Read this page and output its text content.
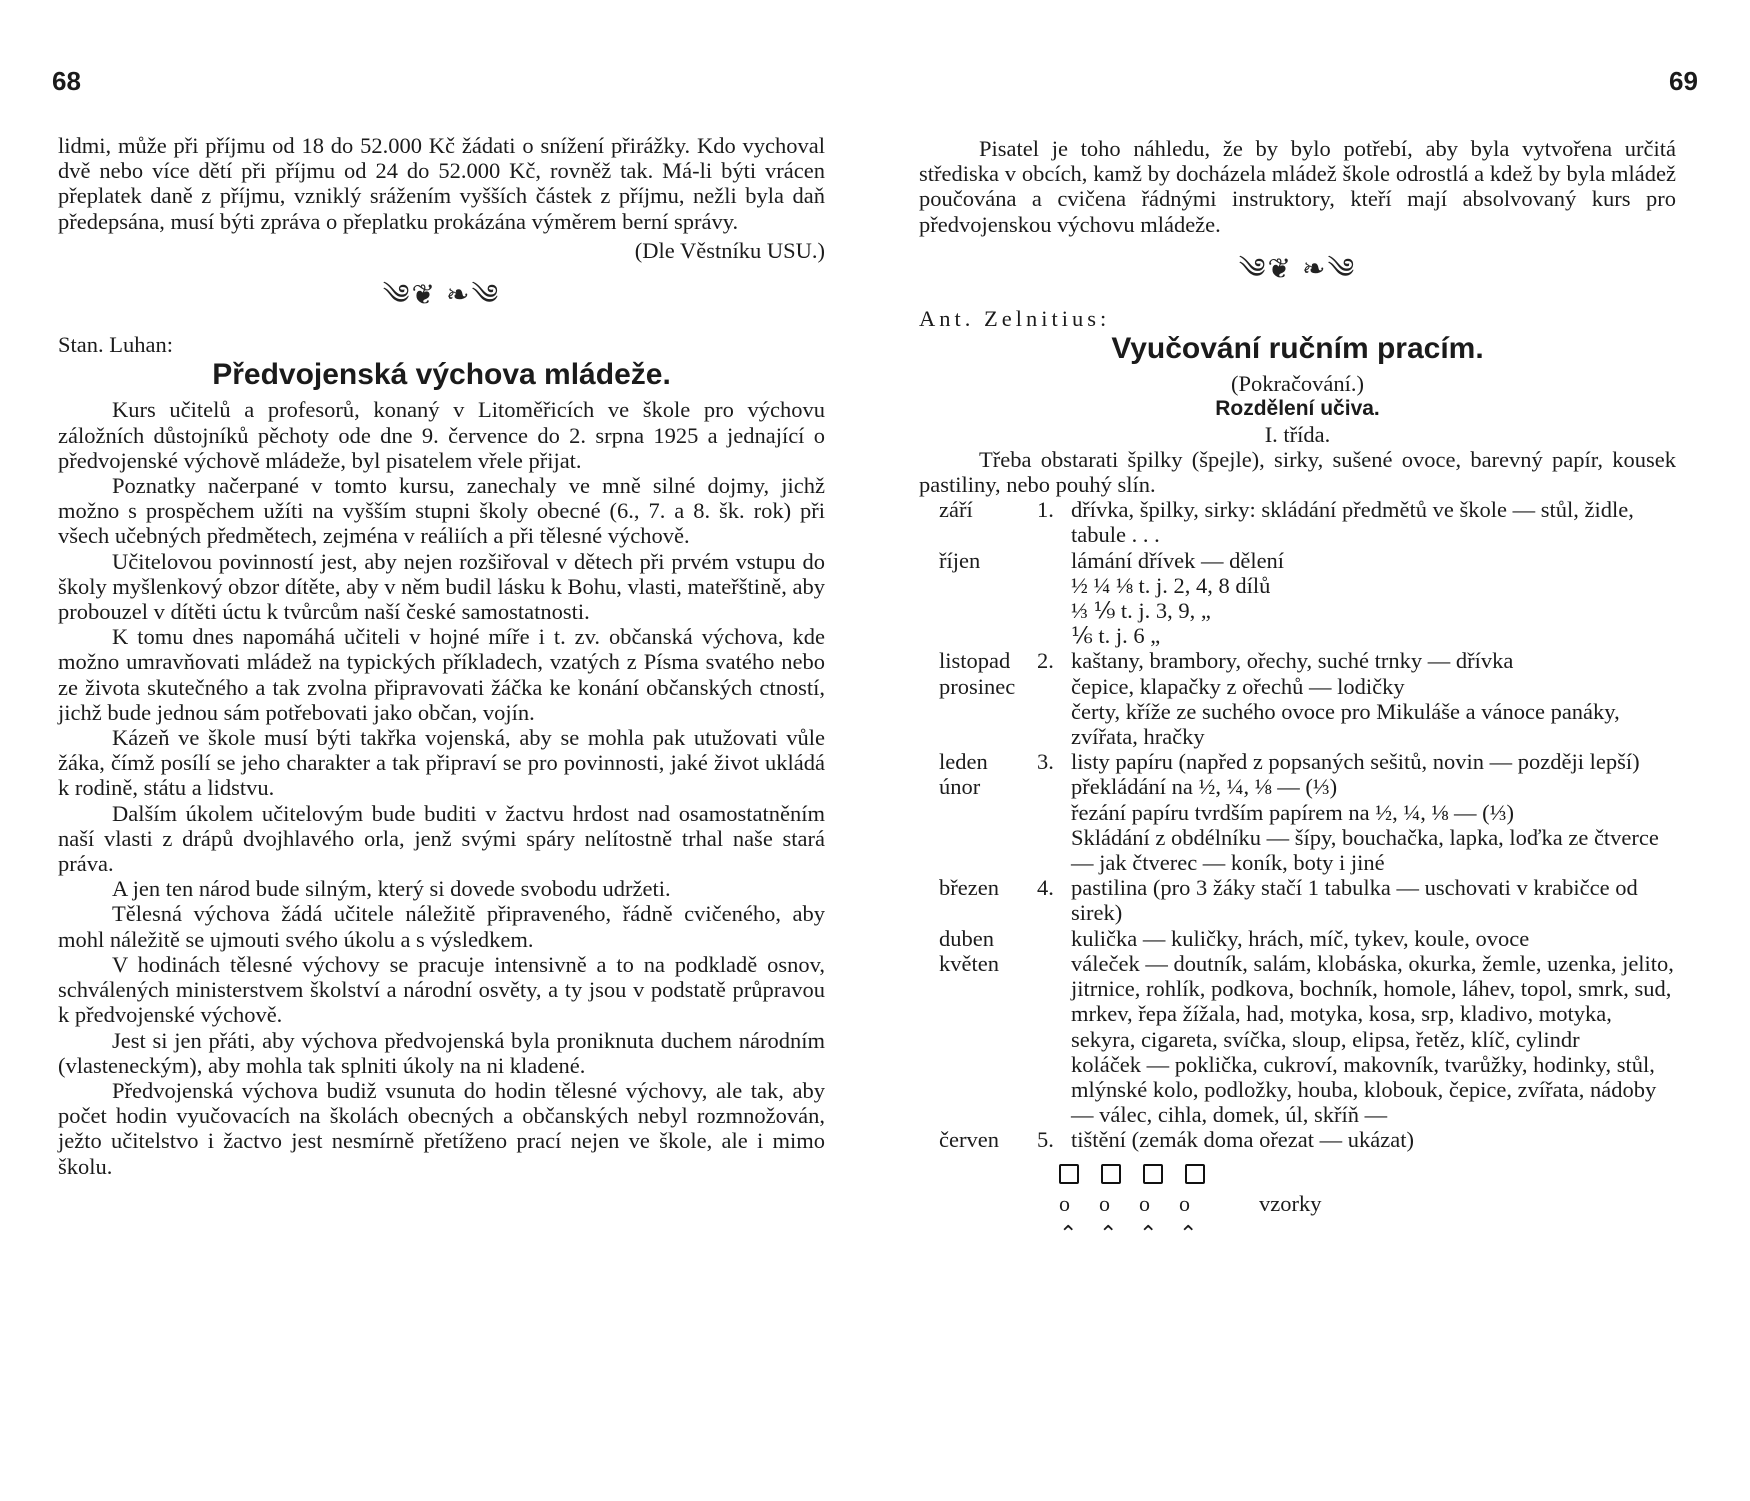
68

lidmi, může při příjmu od 18 do 52.000 Kč žádati o snížení přirážky. Kdo vychoval dvě nebo více dětí při příjmu od 24 do 52.000 Kč, rovněž tak. Má-li býti vrácen přeplatek daně z příjmu, vzniklý srážením vyšších částek z příjmu, nežli byla daň předepsána, musí býti zpráva o přeplatku prokázána výměrem berní správy.

(Dle Věstníku USU.)

༄❦ ❧༄
Stan. Luhan:
Předvojenská výchova mládeže.

Kurs učitelů a profesorů, konaný v Litoměřicích ve škole pro výchovu záložních důstojníků pěchoty ode dne 9. července do 2. srpna 1925 a jednající o předvojenské výchově mládeže, byl pisatelem vřele přijat.

Poznatky načerpané v tomto kursu, zanechaly ve mně silné dojmy, jichž možno s prospěchem užíti na vyšším stupni školy obecné (6., 7. a 8. šk. rok) při všech učebných předmětech, zejména v reáliích a při tělesné výchově.

Učitelovou povinností jest, aby nejen rozšiřoval v dětech při prvém vstupu do školy myšlenkový obzor dítěte, aby v něm budil lásku k Bohu, vlasti, mateřštině, aby probouzel v dítěti úctu k tvůrcům naší české samostatnosti.

K tomu dnes napomáhá učiteli v hojné míře i t. zv. občanská výchova, kde možno umravňovati mládež na typických příkladech, vzatých z Písma svatého nebo ze života skutečného a tak zvolna připravovati žáčka ke konání občanských ctností, jichž bude jednou sám potřebovati jako občan, vojín.

Kázeň ve škole musí býti takřka vojenská, aby se mohla pak utužovati vůle žáka, čímž posílí se jeho charakter a tak připraví se pro povinnosti, jaké život ukládá k rodině, státu a lidstvu.

Dalším úkolem učitelovým bude buditi v žactvu hrdost nad osamostatněním naší vlasti z drápů dvojhlavého orla, jenž svými spáry nelítostně trhal naše stará práva.

A jen ten národ bude silným, který si dovede svobodu udržeti.

Tělesná výchova žádá učitele náležitě připraveného, řádně cvičeného, aby mohl náležitě se ujmouti svého úkolu a s výsledkem.

V hodinách tělesné výchovy se pracuje intensivně a to na podkladě osnov, schválených ministerstvem školství a národní osvěty, a ty jsou v podstatě průpravou k předvojenské výchově.

Jest si jen přáti, aby výchova předvojenská byla proniknuta duchem národním (vlasteneckým), aby mohla tak splniti úkoly na ni kladené.

Předvojenská výchova budiž vsunuta do hodin tělesné výchovy, ale tak, aby počet hodin vyučovacích na školách obecných a občanských nebyl rozmnožován, ježto učitelstvo i žactvo jest nesmírně přetíženo prací nejen ve škole, ale i mimo školu.

69

Pisatel je toho náhledu, že by bylo potřebí, aby byla vytvořena určitá střediska v obcích, kamž by docházela mládež škole odrostlá a kdež by byla mládež poučována a cvičena řádnými instruktory, kteří mají absolvovaný kurs pro předvojenskou výchovu mládeže.

༄❦ ❧༄
Ant. Zelnitius:
Vyučování ručním pracím.
(Pokračování.)
Rozdělení učiva.
I. třída.

Třeba obstarati špilky (špejle), sirky, sušené ovoce, barevný papír, kousek pastiliny, nebo pouhý slín.

září	1.	dřívka, špilky, sirky: skládání předmětů ve škole — stůl, židle, tabule . . .
říjen		lámání dřívek — dělení
		½ ¼ ⅛ t. j. 2, 4, 8 dílů
		⅓ ⅑ t. j. 3, 9, „
		⅙ t. j. 6 „
listopad	2.	kaštany, brambory, ořechy, suché trnky — dřívka
prosinec		čepice, klapačky z ořechů — lodičky
		čerty, kříže ze suchého ovoce pro Mikuláše a vánoce panáky, zvířata, hračky
leden	3.	listy papíru (napřed z popsaných sešitů, novin — později lepší)
únor		překládání na ½, ¼, ⅛ — (⅓)
		řezání papíru tvrdším papírem na ½, ¼, ⅛ — (⅓)
		Skládání z obdélníku — šípy, bouchačka, lapka, loďka ze čtverce — jak čtverec — koník, boty i jiné
březen	4.	pastilina (pro 3 žáky stačí 1 tabulka — uschovati v krabičce od sirek)
duben		kulička — kuličky, hrách, míč, tykev, koule, ovoce
květen		váleček — doutník, salám, klobáska, okurka, žemle, uzenka, jelito, jitrnice, rohlík, podkova, bochník, homole, láhev, topol, smrk, sud, mrkev, řepa žížala, had, motyka, kosa, srp, kladivo, motyka, sekyra, cigareta, svíčka, sloup, elipsa, řetěz, klíč, cylindr
		koláček — poklička, cukroví, makovník, tvarůžky, hodinky, stůl, mlýnské kolo, podložky, houba, klobouk, čepice, zvířata, nádoby — válec, cihla, domek, úl, skříň —
červen	5.	tištění (zemák doma ořezat — ukázat)
o	o	o	o	vzorky
⌃ ⌃ ⌃ ⌃
